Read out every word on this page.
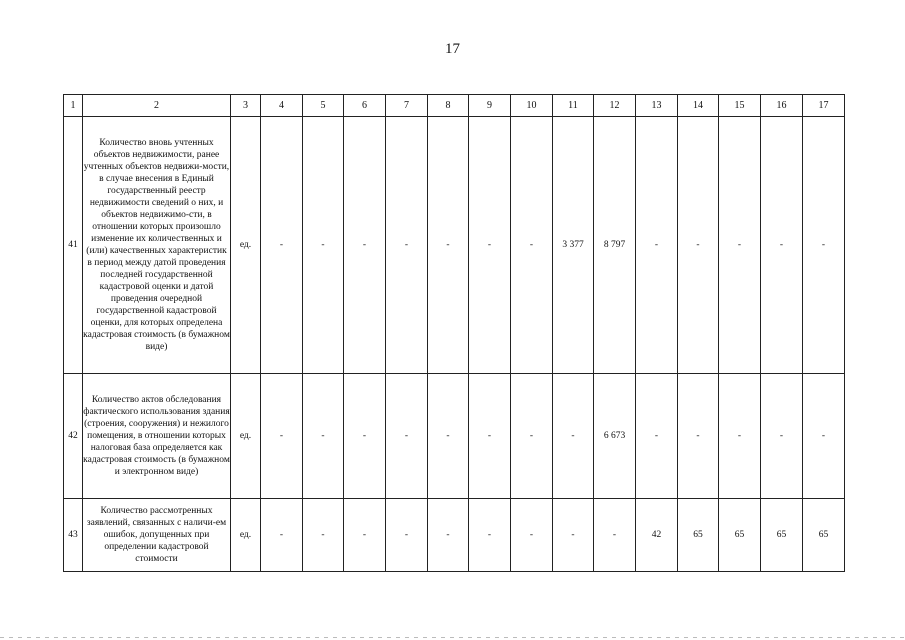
17
1	2	3	4	5	6	7	8	9	10	11	12	13	14	15	16	17
41	Количество вновь учтенных объектов недвижимости, ранее учтенных объектов недвижи-мости, в случае внесения в Единый государственный реестр недвижимости сведений о них, и объектов недвижимо-сти, в отношении которых произошло изменение их количественных и (или) качественных характеристик в период между датой проведения последней государственной кадастровой оценки и датой проведения очередной государственной кадастровой оценки, для которых определена кадастровая стоимость (в бумажном виде)	ед.	-	-	-	-	-	-	-	3 377	8 797	-	-	-	-	-
42	Количество актов обследования фактического использования здания (строения, сооружения) и нежилого помещения, в отношении которых налоговая база определяется как кадастровая стоимость (в бумажном и электронном виде)	ед.	-	-	-	-	-	-	-	-	6 673	-	-	-	-	-
43	Количество рассмотренных заявлений, связанных с наличи-ем ошибок, допущенных при определении кадастровой стоимости	ед.	-	-	-	-	-	-	-	-	-	42	65	65	65	65
